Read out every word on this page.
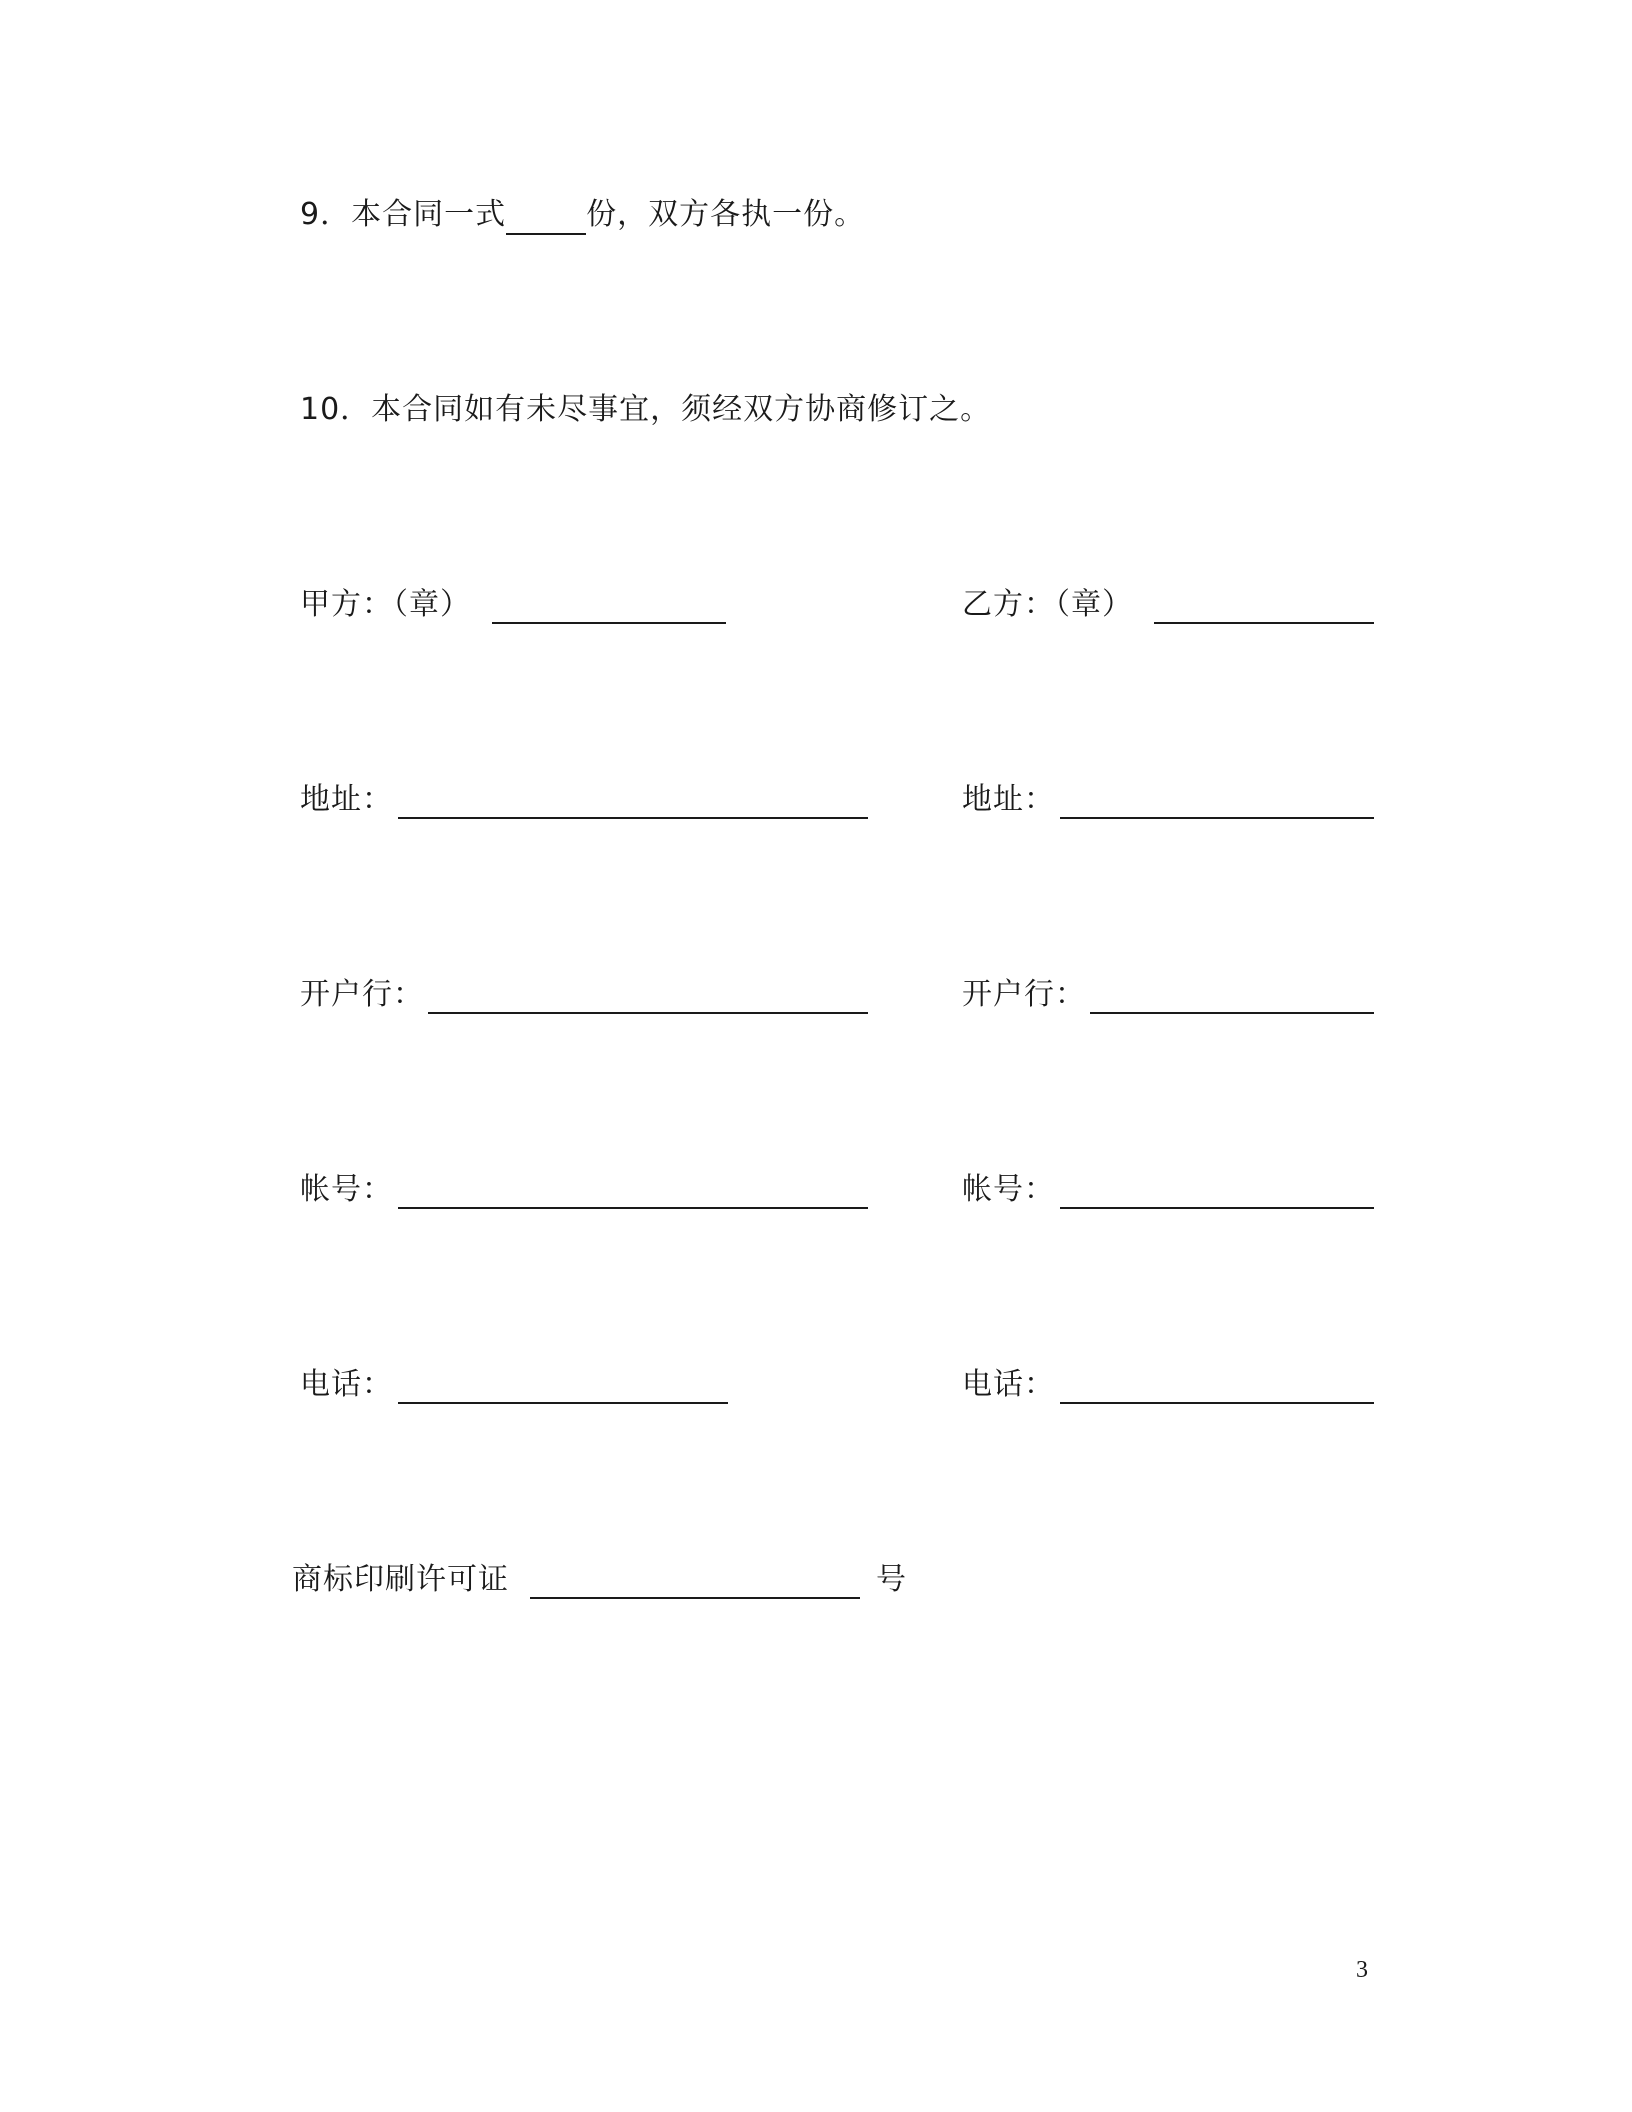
9．本合同一式	份，双方各执一份。
10．本合同如有未尽事宜，须经双方协商修订之。
甲方：（章）
地址：
开户行：
帐号：
电话：
乙方：（章）
地址：
开户行：
帐号：
电话：
商标印刷许可证	号
3
